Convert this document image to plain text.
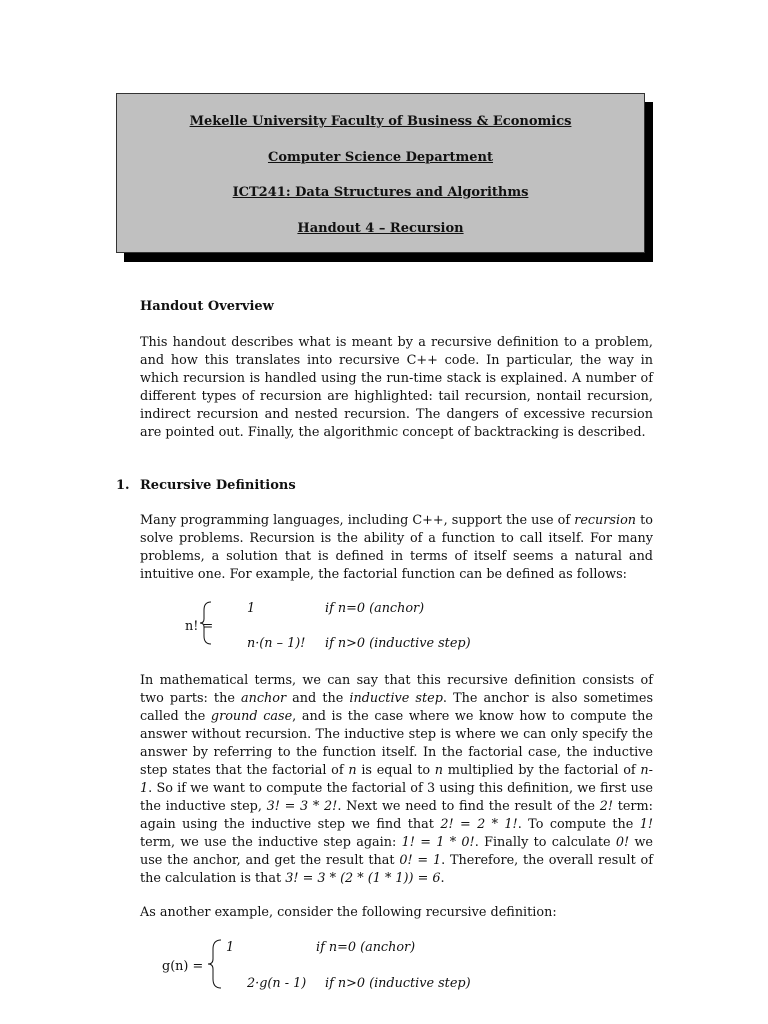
Mekelle University Faculty of Business & Economics
Computer Science Department
ICT241: Data Structures and Algorithms
Handout 4 – Recursion
Handout Overview

This handout describes what is meant by a recursive definition to a problem, and how this translates into recursive C++ code. In particular, the way in which recursion is handled using the run-time stack is explained. A number of different types of recursion are highlighted: tail recursion, nontail recursion, indirect recursion and nested recursion. The dangers of excessive recursion are pointed out. Finally, the algorithmic concept of backtracking is described.

1. Recursive Definitions

Many programming languages, including C++, support the use of recursion to solve problems. Recursion is the ability of a function to call itself. For many problems, a solution that is defined in terms of itself seems a natural and intuitive one. For example, the factorial function can be defined as follows:

n! =
1	if n=0 (anchor)
n·(n – 1)! if n>0 (inductive step)

In mathematical terms, we can say that this recursive definition consists of two parts: the anchor and the inductive step. The anchor is also sometimes called the ground case, and is the case where we know how to compute the answer without recursion. The inductive step is where we can only specify the answer by referring to the function itself. In the factorial case, the inductive step states that the factorial of n is equal to n multiplied by the factorial of n-1. So if we want to compute the factorial of 3 using this definition, we first use the inductive step, 3! = 3 * 2!. Next we need to find the result of the 2! term: again using the inductive step we find that 2! = 2 * 1!. To compute the 1! term, we use the inductive step again: 1! = 1 * 0!. Finally to calculate 0! we use the anchor, and get the result that 0! = 1. Therefore, the overall result of the calculation is that 3! = 3 * (2 * (1 * 1)) = 6.

As another example, consider the following recursive definition:

g(n) =
1	if n=0 (anchor)
2·g(n - 1) if n>0 (inductive step)
